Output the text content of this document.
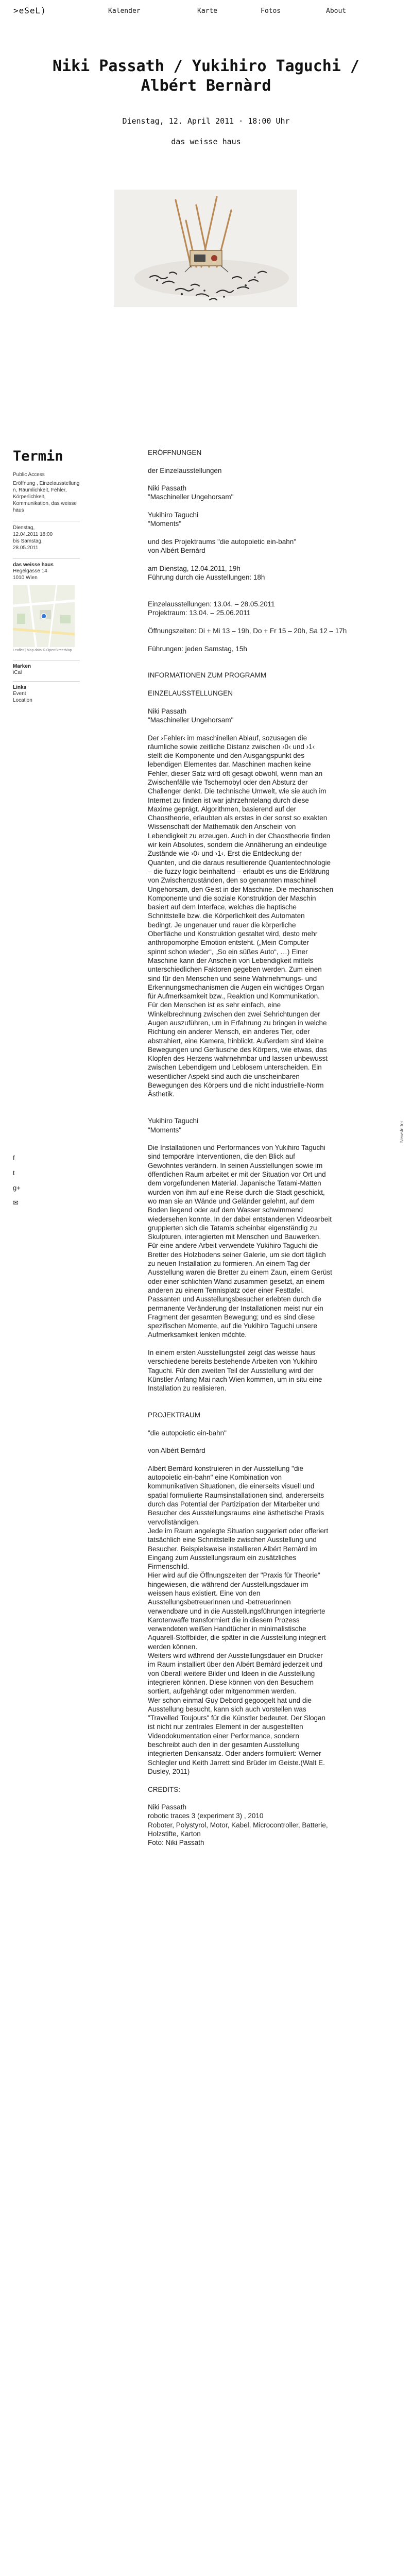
>eSeL)	Kalender	Karte	Fotos	About
Niki Passath / Yukihiro Taguchi /
Albért Bernàrd
Dienstag, 12. April 2011 · 18:00 Uhr
das weisse haus
Termin
Public Access
Eröffnung , Einzelausstellung n, Räumlichkeit, Fehler, Körperlichkeit, Kommunikation, das weisse haus
Dienstag,
12.04.2011 18:00
bis Samstag,
28.05.2011
das weisse haus
Hegelgasse 14
1010 Wien
Leaflet | Map data © OpenStreetMap
Marken
iCal
Links
Event
Location
f
t
g+
✉
Newsletter
ERÖFFNUNGEN
der Einzelausstellungen
Niki Passath
"Maschineller Ungehorsam"
Yukihiro Taguchi
"Moments"
und des Projektraums "die autopoietic ein-bahn"
von Albért Bernàrd
am Dienstag, 12.04.2011, 19h
Führung durch die Ausstellungen: 18h
Einzelausstellungen: 13.04. – 28.05.2011
Projektraum: 13.04. – 25.06.2011
Öffnungszeiten: Di + Mi 13 – 19h, Do + Fr 15 – 20h, Sa 12 – 17h
Führungen: jeden Samstag, 15h
INFORMATIONEN ZUM PROGRAMM
EINZELAUSSTELLUNGEN
Niki Passath
"Maschineller Ungehorsam"
Der ›Fehler‹ im maschinellen Ablauf, sozusagen die
räumliche sowie zeitliche Distanz zwischen ›0‹ und ›1‹
stellt die Komponente und den Ausgangspunkt des
lebendigen Elementes dar. Maschinen machen keine
Fehler, dieser Satz wird oft gesagt obwohl, wenn man an
Zwischenfälle wie Tschernobyl oder den Absturz der
Challenger denkt. Die technische Umwelt, wie sie auch im
Internet zu finden ist war jahrzehntelang durch diese
Maxime geprägt. Algorithmen, basierend auf der
Chaostheorie, erlaubten als erstes in der sonst so exakten
Wissenschaft der Mathematik den Anschein von
Lebendigkeit zu erzeugen. Auch in der Chaostheorie finden
wir kein Absolutes, sondern die Annäherung an eindeutige
Zustände wie ›0‹ und ›1‹. Erst die Entdeckung der
Quanten, und die daraus resultierende Quantentechnologie
– die fuzzy logic beinhaltend – erlaubt es uns die Erklärung
von Zwischenzuständen, den so genannten maschinell
Ungehorsam, den Geist in der Maschine. Die mechanischen
Komponente und die soziale Konstruktion der Maschin
basiert auf dem Interface, welches die haptische
Schnittstelle bzw. die Körperlichkeit des Automaten
bedingt. Je ungenauer und rauer die körperliche
Oberfläche und Konstruktion gestaltet wird, desto mehr
anthropomorphe Emotion entsteht. („Mein Computer
spinnt schon wieder“, „So ein süßes Auto“, …) Einer
Maschine kann der Anschein von Lebendigkeit mittels
unterschiedlichen Faktoren gegeben werden. Zum einen
sind für den Menschen und seine Wahrnehmungs- und
Erkennungsmechanismen die Augen ein wichtiges Organ
für Aufmerksamkeit bzw., Reaktion und Kommunikation.
Für den Menschen ist es sehr einfach, eine
Winkelbrechnung zwischen den zwei Sehrichtungen der
Augen auszuführen, um in Erfahrung zu bringen in welche
Richtung ein anderer Mensch, ein anderes Tier, oder
abstrahiert, eine Kamera, hinblickt. Außerdem sind kleine
Bewegungen und Geräusche des Körpers, wie etwas, das
Klopfen des Herzens wahrnehmbar und lassen unbewusst
zwischen Lebendigem und Leblosem unterscheiden. Ein
wesentlicher Aspekt sind auch die unscheinbaren
Bewegungen des Körpers und die nicht industrielle-Norm
Ästhetik.
Yukihiro Taguchi
"Moments"
Die Installationen und Performances von Yukihiro Taguchi
sind temporäre Interventionen, die den Blick auf
Gewohntes verändern. In seinen Ausstellungen sowie im
öffentlichen Raum arbeitet er mit der Situation vor Ort und
dem vorgefundenen Material. Japanische Tatami-Matten
wurden von ihm auf eine Reise durch die Stadt geschickt,
wo man sie an Wände und Geländer gelehnt, auf dem
Boden liegend oder auf dem Wasser schwimmend
wiedersehen konnte. In der dabei entstandenen Videoarbeit
gruppierten sich die Tatamis scheinbar eigenständig zu
Skulpturen, interagierten mit Menschen und Bauwerken.
Für eine andere Arbeit verwendete Yukihiro Taguchi die
Bretter des Holzbodens seiner Galerie, um sie dort täglich
zu neuen Installation zu formieren. An einem Tag der
Ausstellung waren die Bretter zu einem Zaun, einem Gerüst
oder einer schlichten Wand zusammen gesetzt, an einem
anderen zu einem Tennisplatz oder einer Festtafel.
Passanten und Ausstellungsbesucher erlebten durch die
permanente Veränderung der Installationen meist nur ein
Fragment der gesamten Bewegung; und es sind diese
spezifischen Momente, auf die Yukihiro Taguchi unsere
Aufmerksamkeit lenken möchte.
In einem ersten Ausstellungsteil zeigt das weisse haus
verschiedene bereits bestehende Arbeiten von Yukihiro
Taguchi. Für den zweiten Teil der Ausstellung wird der
Künstler Anfang Mai nach Wien kommen, um in situ eine
Installation zu realisieren.
PROJEKTRAUM
"die autopoietic ein-bahn"
von Albért Bernàrd
Albért Bernàrd konstruieren in der Ausstellung "die
autopoietic ein-bahn" eine Kombination von
kommunikativen Situationen, die einerseits visuell und
spatial formulierte Raumsinstallationen sind, andererseits
durch das Potential der Partizipation der Mitarbeiter und
Besucher des Ausstellungsraums eine ästhetische Praxis
vervollständigen.
Jede im Raum angelegte Situation suggeriert oder offeriert
tatsächlich eine Schnittstelle zwischen Ausstellung und
Besucher. Beispielsweise installieren Albért Bernàrd im
Eingang zum Ausstellungsraum ein zusätzliches
Firmenschild.
Hier wird auf die Öffnungszeiten der "Praxis für Theorie"
hingewiesen, die während der Ausstellungsdauer im
weissen haus existiert. Eine von den
Ausstellungsbetreuerinnen und -betreuerinnen
verwendbare und in die Ausstellungsführungen integrierte
Karotenwaffe transformiert die in diesem Prozess
verwendeten weißen Handtücher in minimalistische
Aquarell-Stoffbilder, die später in die Ausstellung integriert
werden können.
Weiters wird während der Ausstellungsdauer ein Drucker
im Raum installiert über den Albért Bernàrd jederzeit und
von überall weitere Bilder und Ideen in die Ausstellung
integrieren können. Diese können von den Besuchern
sortiert, aufgehängt oder mitgenommen werden.
Wer schon einmal Guy Debord gegoogelt hat und die
Ausstellung besucht, kann sich auch vorstellen was
"Travelled Toujours" für die Künstler bedeutet. Der Slogan
ist nicht nur zentrales Element in der ausgestellten
Videodokumentation einer Performance, sondern
beschreibt auch den in der gesamten Ausstellung
integrierten Denkansatz. Oder anders formuliert: Werner
Schlegler und Keith Jarrett sind Brüder im Geiste.(Walt E.
Dusley, 2011)
CREDITS:
Niki Passath
robotic traces 3 (experiment 3) , 2010
Roboter, Polystyrol, Motor, Kabel, Microcontroller, Batterie,
Holzstifte, Karton
Foto: Niki Passath
